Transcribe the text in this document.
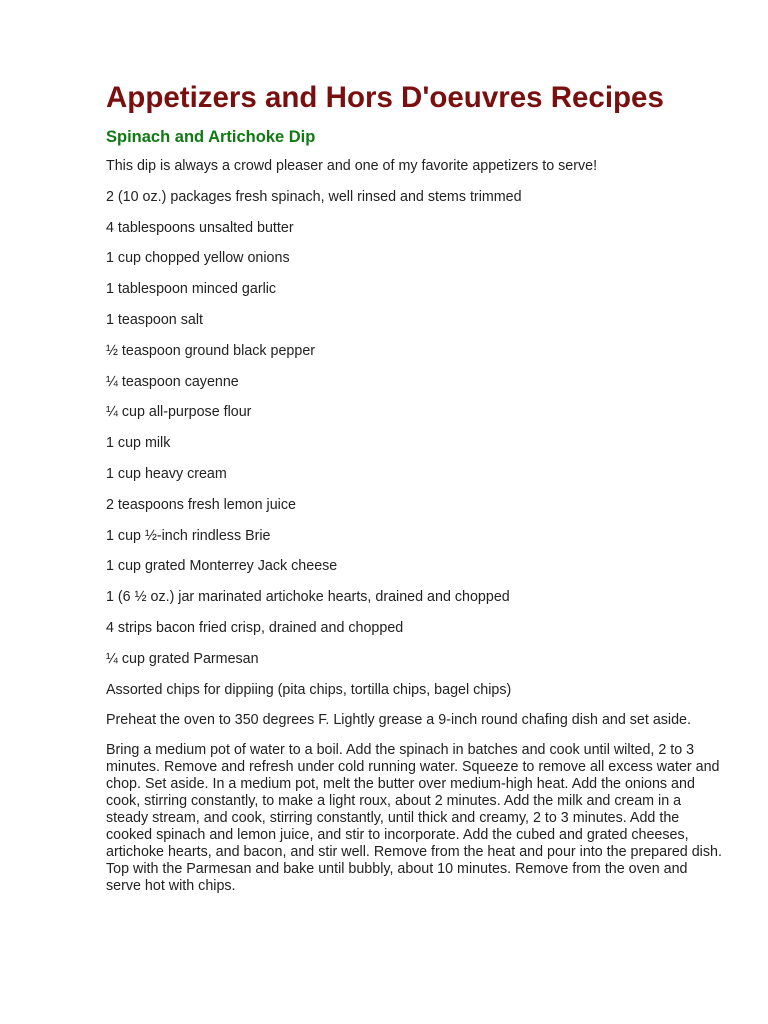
Appetizers and Hors D'oeuvres Recipes
Spinach and Artichoke Dip

This dip is always a crowd pleaser and one of my favorite appetizers to serve!

2 (10 oz.) packages fresh spinach, well rinsed and stems trimmed

4 tablespoons unsalted butter

1 cup chopped yellow onions

1 tablespoon minced garlic

1 teaspoon salt

½ teaspoon ground black pepper

¼ teaspoon cayenne

¼ cup all-purpose flour

1 cup milk

1 cup heavy cream

2 teaspoons fresh lemon juice

1 cup ½-inch rindless Brie

1 cup grated Monterrey Jack cheese

1 (6 ½ oz.) jar marinated artichoke hearts, drained and chopped

4 strips bacon fried crisp, drained and chopped

¼ cup grated Parmesan

Assorted chips for dippiing (pita chips, tortilla chips, bagel chips)

Preheat the oven to 350 degrees F. Lightly grease a 9-inch round chafing dish and set aside.

Bring a medium pot of water to a boil. Add the spinach in batches and cook until wilted, 2 to 3 minutes. Remove and refresh under cold running water. Squeeze to remove all excess water and chop. Set aside. In a medium pot, melt the butter over medium-high heat. Add the onions and cook, stirring constantly, to make a light roux, about 2 minutes. Add the milk and cream in a steady stream, and cook, stirring constantly, until thick and creamy, 2 to 3 minutes. Add the cooked spinach and lemon juice, and stir to incorporate. Add the cubed and grated cheeses, artichoke hearts, and bacon, and stir well. Remove from the heat and pour into the prepared dish. Top with the Parmesan and bake until bubbly, about 10 minutes. Remove from the oven and serve hot with chips.
